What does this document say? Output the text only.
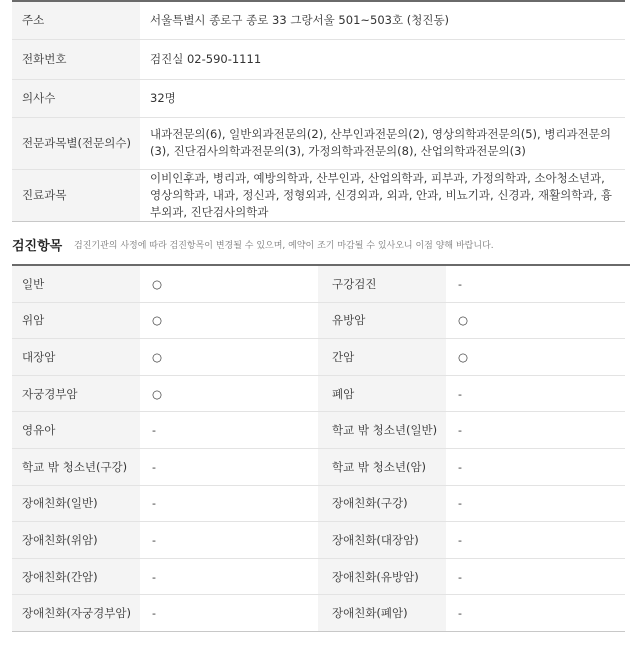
주소	서울특별시 종로구 종로 33 그랑서울 501~503호 (청진동)
전화번호	검진실 02-590-1111
의사수	32명
전문과목별(전문의수)	내과전문의(6), 일반외과전문의(2), 산부인과전문의(2), 영상의학과전문의(5), 병리과전문의(3), 진단검사의학과전문의(3), 가정의학과전문의(8), 산업의학과전문의(3)
진료과목	이비인후과, 병리과, 예방의학과, 산부인과, 산업의학과, 피부과, 가정의학과, 소아청소년과, 영상의학과, 내과, 정신과, 정형외과, 신경외과, 외과, 안과, 비뇨기과, 신경과, 재활의학과, 흉부외과, 진단검사의학과
검진항목 검진기관의 사정에 따라 검진항목이 변경될 수 있으며, 예약이 조기 마감될 수 있사오니 이점 양해 바랍니다.
일반	○	구강검진	-
위암	○	유방암	○
대장암	○	간암	○
자궁경부암	○	폐암	-
영유아	-	학교 밖 청소년(일반)	-
학교 밖 청소년(구강)	-	학교 밖 청소년(암)	-
장애친화(일반)	-	장애친화(구강)	-
장애친화(위암)	-	장애친화(대장암)	-
장애친화(간암)	-	장애친화(유방암)	-
장애친화(자궁경부암)	-	장애친화(폐암)	-
